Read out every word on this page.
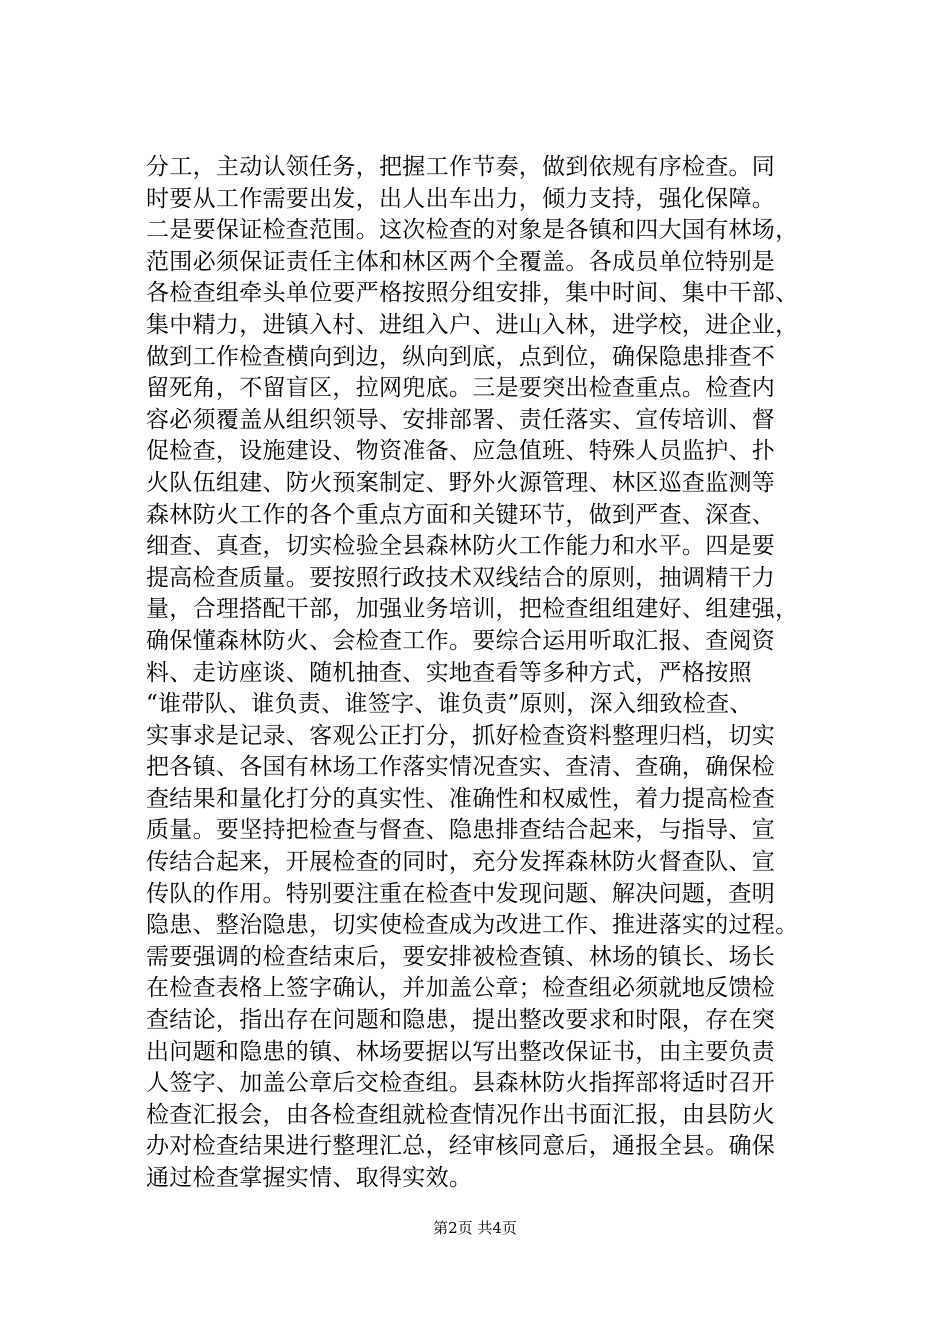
分工，主动认领任务，把握工作节奏，做到依规有序检查。同
时要从工作需要出发，出人出车出力，倾力支持，强化保障。
二是要保证检查范围。这次检查的对象是各镇和四大国有林场，
范围必须保证责任主体和林区两个全覆盖。各成员单位特别是
各检查组牵头单位要严格按照分组安排，集中时间、集中干部、
集中精力，进镇入村、进组入户、进山入林，进学校，进企业，
做到工作检查横向到边，纵向到底，点到位，确保隐患排查不
留死角，不留盲区，拉网兜底。三是要突出检查重点。检查内
容必须覆盖从组织领导、安排部署、责任落实、宣传培训、督
促检查，设施建设、物资准备、应急值班、特殊人员监护、扑
火队伍组建、防火预案制定、野外火源管理、林区巡查监测等
森林防火工作的各个重点方面和关键环节，做到严查、深查、
细查、真查，切实检验全县森林防火工作能力和水平。四是要
提高检查质量。要按照行政技术双线结合的原则，抽调精干力
量，合理搭配干部，加强业务培训，把检查组组建好、组建强，
确保懂森林防火、会检查工作。要综合运用听取汇报、查阅资
料、走访座谈、随机抽查、实地查看等多种方式，严格按照
“谁带队、谁负责、谁签字、谁负责”原则，深入细致检查、
实事求是记录、客观公正打分，抓好检查资料整理归档，切实
把各镇、各国有林场工作落实情况查实、查清、查确，确保检
查结果和量化打分的真实性、准确性和权威性，着力提高检查
质量。要坚持把检查与督查、隐患排查结合起来，与指导、宣
传结合起来，开展检查的同时，充分发挥森林防火督查队、宣
传队的作用。特别要注重在检查中发现问题、解决问题，查明
隐患、整治隐患，切实使检查成为改进工作、推进落实的过程。
需要强调的检查结束后，要安排被检查镇、林场的镇长、场长
在检查表格上签字确认，并加盖公章；检查组必须就地反馈检
查结论，指出存在问题和隐患，提出整改要求和时限，存在突
出问题和隐患的镇、林场要据以写出整改保证书，由主要负责
人签字、加盖公章后交检查组。县森林防火指挥部将适时召开
检查汇报会，由各检查组就检查情况作出书面汇报，由县防火
办对检查结果进行整理汇总，经审核同意后，通报全县。确保
通过检查掌握实情、取得实效。
第2页 共4页
